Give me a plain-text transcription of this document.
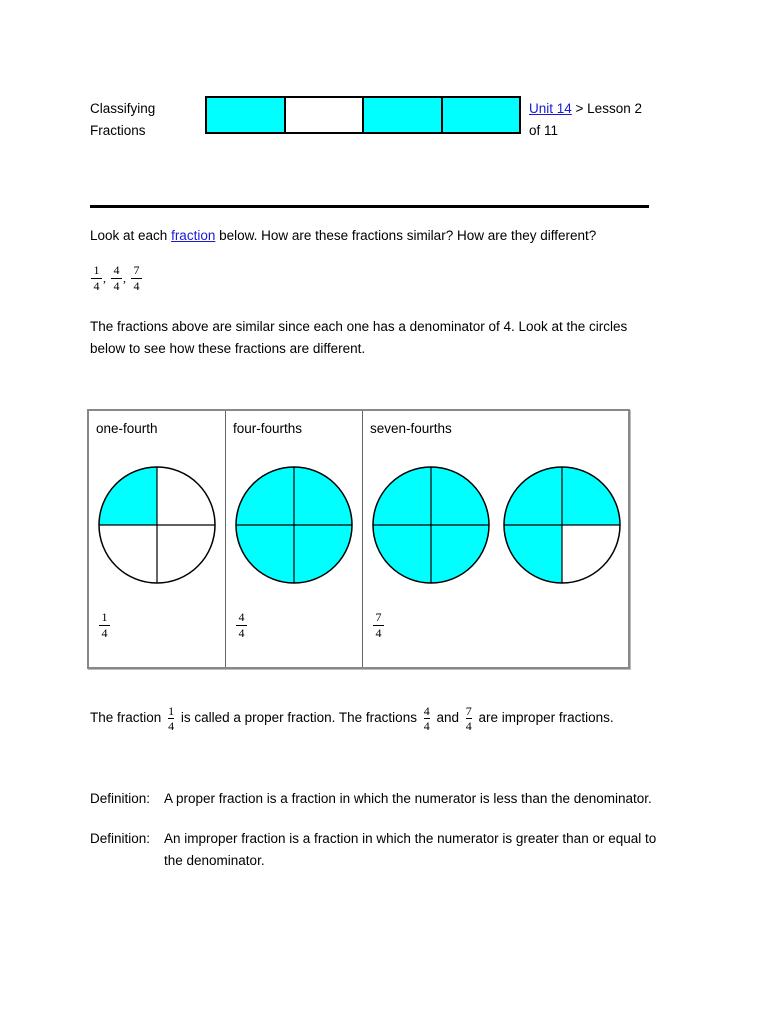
Classifying
Fractions
Unit 14 > Lesson 2
of 11
Look at each fraction below. How are these fractions similar? How are they different?
$\frac{1}{4}$ , $\frac{4}{4}$ , $\frac{7}{4}$
The fractions above are similar since each one has a denominator of 4. Look at the circles below to see how these fractions are different.
one-fourth	four-fourths	seven-fourths
$\frac{1}{4}$	$\frac{4}{4}$	$\frac{7}{4}$
The fraction $\frac{1}{4}$ is called a proper fraction. The fractions $\frac{4}{4}$ and $\frac{7}{4}$ are improper fractions.
Definition: A proper fraction is a fraction in which the numerator is less than the denominator.
Definition: An improper fraction is a fraction in which the numerator is greater than or equal to the denominator.
